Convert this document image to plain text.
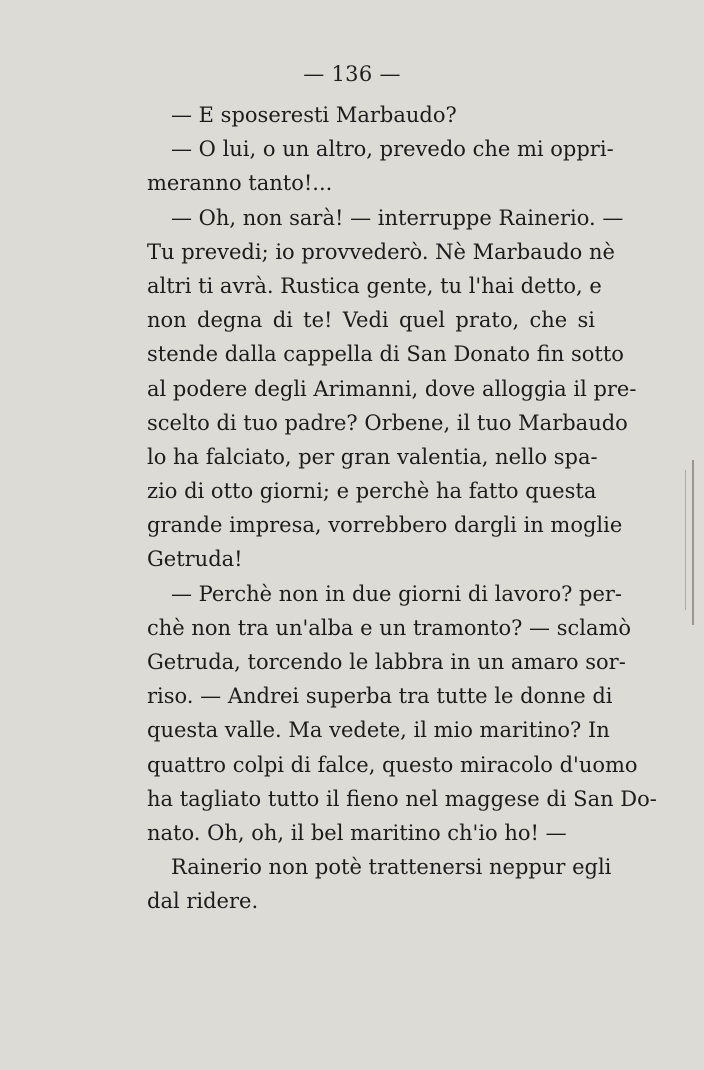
— 136 —
— E sposeresti Marbaudo?
— O lui, o un altro, prevedo che mi oppri-
meranno tanto!...
— Oh, non sarà! — interruppe Rainerio. —
Tu prevedi; io provvederò. Nè Marbaudo nè
altri ti avrà. Rustica gente, tu l'hai detto, e
non degna di te! Vedi quel prato, che si
stende dalla cappella di San Donato fin sotto
al podere degli Arimanni, dove alloggia il pre-
scelto di tuo padre? Orbene, il tuo Marbaudo
lo ha falciato, per gran valentia, nello spa-
zio di otto giorni; e perchè ha fatto questa
grande impresa, vorrebbero dargli in moglie
Getruda!
— Perchè non in due giorni di lavoro? per-
chè non tra un'alba e un tramonto? — sclamò
Getruda, torcendo le labbra in un amaro sor-
riso. — Andrei superba tra tutte le donne di
questa valle. Ma vedete, il mio maritino? In
quattro colpi di falce, questo miracolo d'uomo
ha tagliato tutto il fieno nel maggese di San Do-
nato. Oh, oh, il bel maritino ch'io ho! —
Rainerio non potè trattenersi neppur egli
dal ridere.
